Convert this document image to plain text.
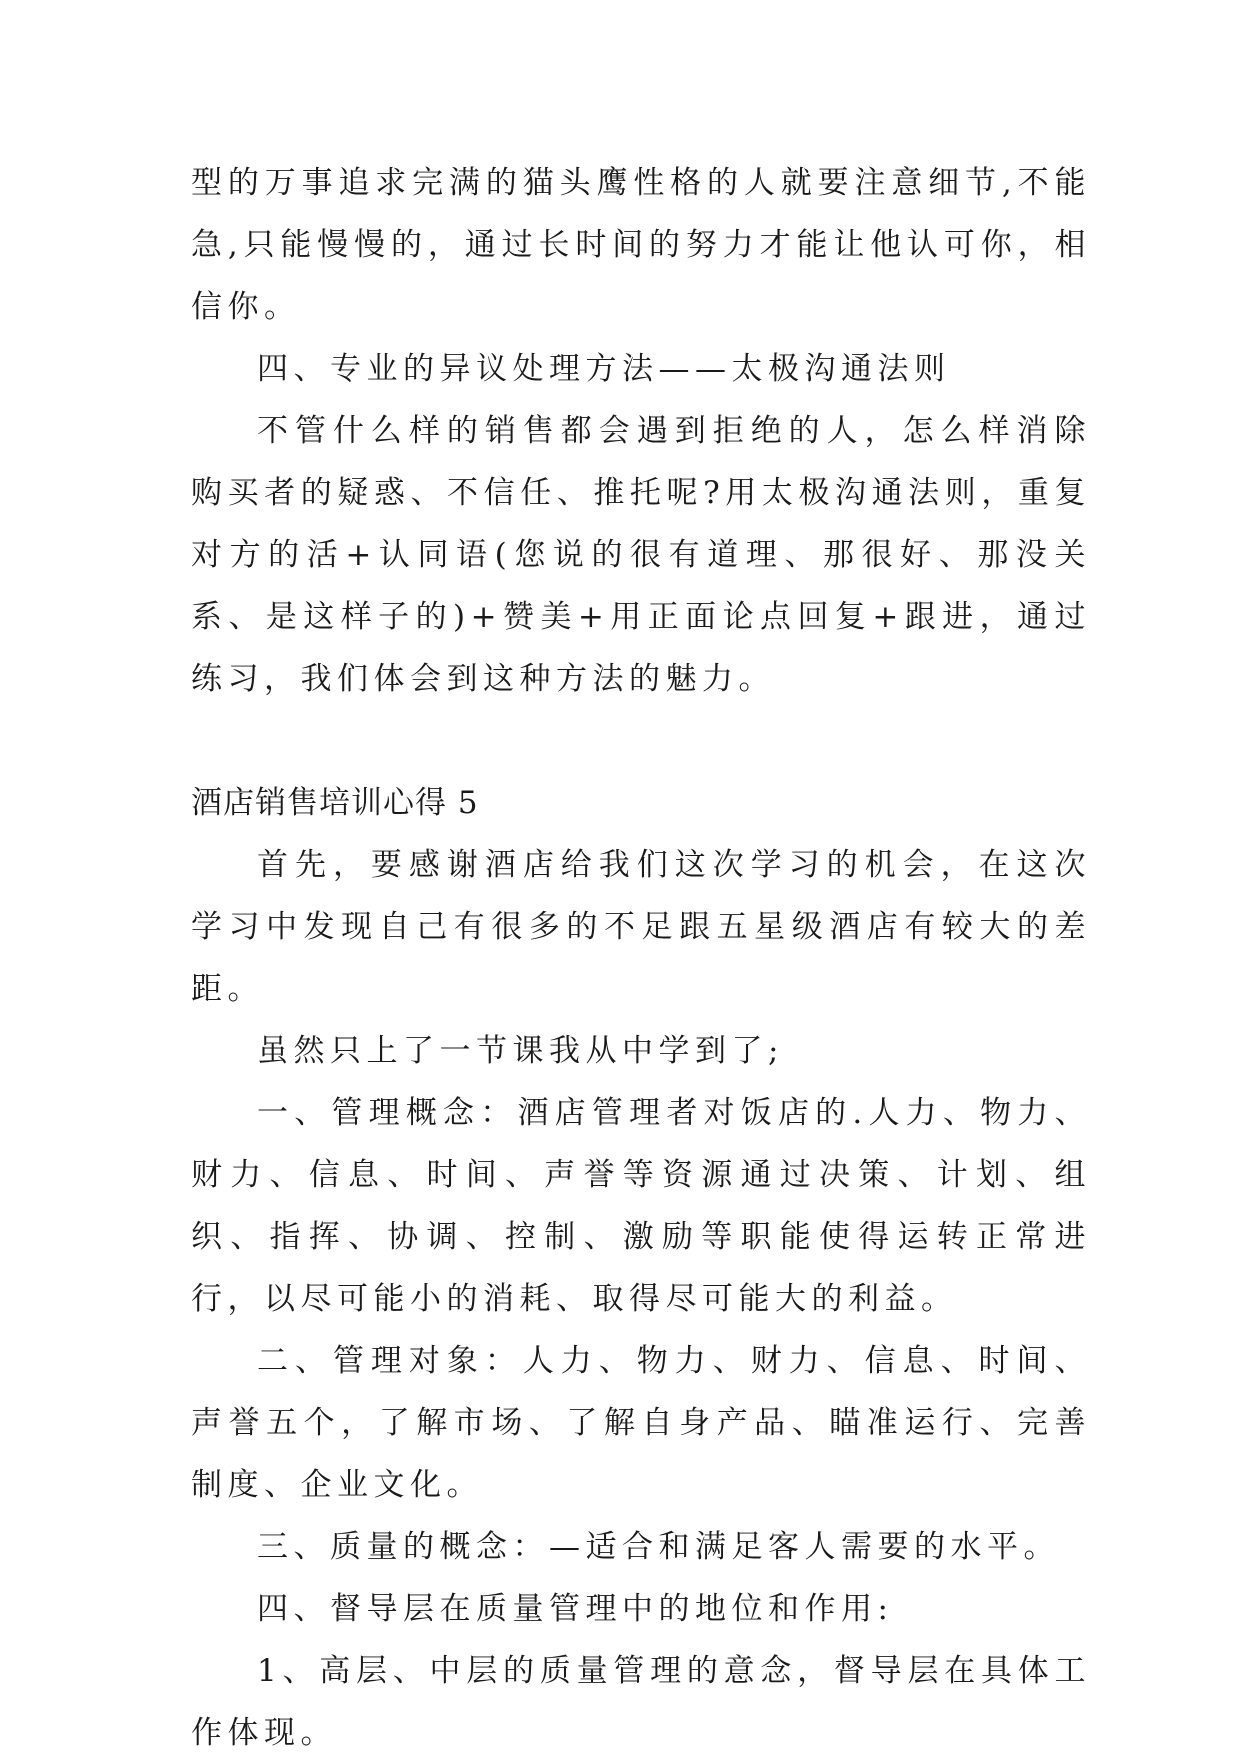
型的万事追求完满的猫头鹰性格的人就要注意细节,不能急,只能慢慢的，通过长时间的努力才能让他认可你，相信你。

四、专业的异议处理方法——太极沟通法则

不管什么样的销售都会遇到拒绝的人，怎么样消除购买者的疑惑、不信任、推托呢?用太极沟通法则，重复对方的活+认同语(您说的很有道理、那很好、那没关系、是这样子的)+赞美+用正面论点回复+跟进，通过练习，我们体会到这种方法的魅力。

酒店销售培训心得 5

首先，要感谢酒店给我们这次学习的机会，在这次学习中发现自己有很多的不足跟五星级酒店有较大的差距。

虽然只上了一节课我从中学到了;

一、管理概念：酒店管理者对饭店的.人力、物力、财力、信息、时间、声誉等资源通过决策、计划、组织、指挥、协调、控制、激励等职能使得运转正常进行，以尽可能小的消耗、取得尽可能大的利益。

二、管理对象：人力、物力、财力、信息、时间、声誉五个，了解市场、了解自身产品、瞄准运行、完善制度、企业文化。

三、质量的概念：—适合和满足客人需要的水平。

四、督导层在质量管理中的地位和作用:

1、高层、中层的质量管理的意念，督导层在具体工作体现。
